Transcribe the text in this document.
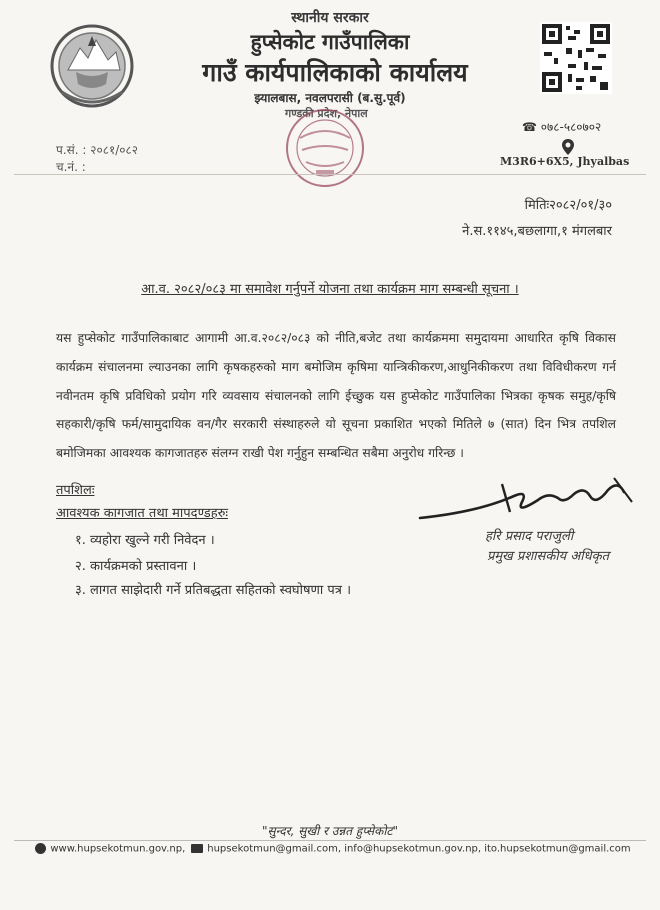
स्थानीय सरकार
हुप्सेकोट गाउँपालिका
गाउँ कार्यपालिकाको कार्यालय
झ्यालबास, नवलपरासी (ब.सु.पूर्व)
गण्डकी प्रदेश, नेपाल
प.सं. : २०८१/०८२
च.नं. :
☎ ०७८-५८०७०२
M3R6+6X5, Jhyalbas
मितिः२०८२/०१/३०
ने.स.११४५,बछलागा,१ मंगलबार
आ.व. २०८२/०८३ मा समावेश गर्नुपर्ने योजना तथा कार्यक्रम माग सम्बन्धी सूचना ।
यस हुप्सेकोट गाउँपालिकाबाट आगामी आ.व.२०८२/०८३ को नीति,बजेट तथा कार्यक्रममा समुदायमा आधारित कृषि विकास कार्यक्रम संचालनमा ल्याउनका लागि कृषकहरुको माग बमोजिम कृषिमा यान्त्रिकीकरण,आधुनिकीकरण तथा विविधीकरण गर्न नवीनतम कृषि प्रविधिको प्रयोग गरि व्यवसाय संचालनको लागि ईच्छुक यस हुप्सेकोट गाउँपालिका भित्रका कृषक समुह/कृषि सहकारी/कृषि फर्म/सामुदायिक वन/गैर सरकारी संस्थाहरुले यो सूचना प्रकाशित भएको मितिले ७ (सात) दिन भित्र तपशिल बमोजिमका आवश्यक कागजातहरु संलग्न राखी पेश गर्नुहुन सम्बन्धित सबैमा अनुरोध गरिन्छ ।
तपशिलः
आवश्यक कागजात तथा मापदण्डहरुः
१. व्यहोरा खुल्ने गरी निवेदन ।
२. कार्यक्रमको प्रस्तावना ।
३. लागत साझेदारी गर्ने प्रतिबद्धता सहितको स्वघोषणा पत्र ।
हरि प्रसाद पराजुली
प्रमुख प्रशासकीय अधिकृत
"सुन्दर, सुखी र उन्नत हुप्सेकोट"
www.hupsekotmun.gov.np, hupsekotmun@gmail.com, info@hupsekotmun.gov.np, ito.hupsekotmun@gmail.com
